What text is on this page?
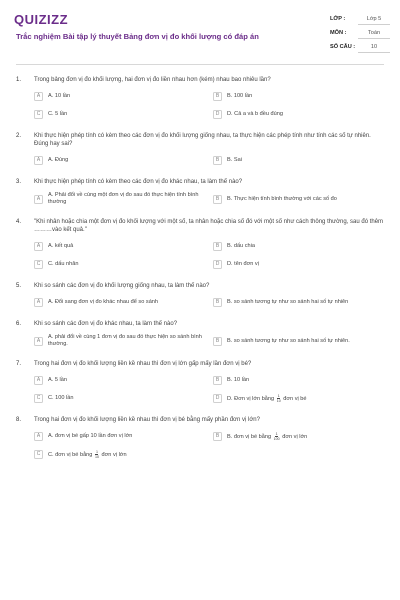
QUIZIZZ
Trắc nghiệm Bài tập lý thuyết Bảng đơn vị đo khối lượng có đáp án
LỚP :	Lớp 5
MÔN :	Toán
SỐ CÂU :	10
1.	Trong bảng đơn vị đo khối lượng, hai đơn vị đo liền nhau hơn (kém) nhau bao nhiêu lần?
A	A. 10 lần	B	B. 100 lần
C	C. 5 lần	D	D. Cả a và b đều đúng
2.	Khi thực hiện phép tính có kèm theo các đơn vị đo khối lượng giống nhau, ta thực hiện các phép tính như tính các số tự nhiên. Đúng hay sai?
A	A. Đúng	B	B. Sai
3.	Khi thực hiện phép tính có kèm theo các đơn vị đo khác nhau, ta làm thế nào?
A
A. Phải đổi về cùng một đơn vị đo sau đó thực hiện tính bình thường	B	B. Thực hiện tính bình thường với các số đo
4.	"Khi nhân hoặc chia một đơn vị đo khối lượng với một số, ta nhân hoặc chia số đó với một số như cách thông thường, sau đó thêm ………vào kết quả."
A	A. kết quả	B	B. dấu chia
C	C. dấu nhân	D	D. tên đơn vị
5.	Khi so sánh các đơn vị đo khối lượng giống nhau, ta làm thế nào?
A	A. Đổi sang đơn vị đo khác nhau để so sánh	B	B. so sánh tương tự như so sánh hai số tự nhiên
6.	Khi so sánh các đơn vị đo khác nhau, ta làm thế nào?
A
A. phải đổi về cùng 1 đơn vị đo sau đó thực hiện so sánh bình thường.	B	B. so sánh tương tự như so sánh hai số tự nhiên.
7.	Trong hai đơn vị đo khối lượng liền kề nhau thì đơn vị lớn gấp mấy lần đơn vị bé?
A	A. 5 lần	B	B. 10 lần
C	C. 100 lần	D	D. Đơn vị lớn bằng $\frac{1}{10}$ đơn vị bé
8.	Trong hai đơn vị đo khối lượng liền kề nhau thì đơn vị bé bằng mấy phần đơn vị lớn?
A	A. đơn vị bé gấp 10 lần đơn vị lớn	B	B. đơn vị bé bằng $\frac{1}{100}$ đơn vị lớn
C	C. đơn vị bé bằng $\frac{1}{10}$ đơn vị lớn
